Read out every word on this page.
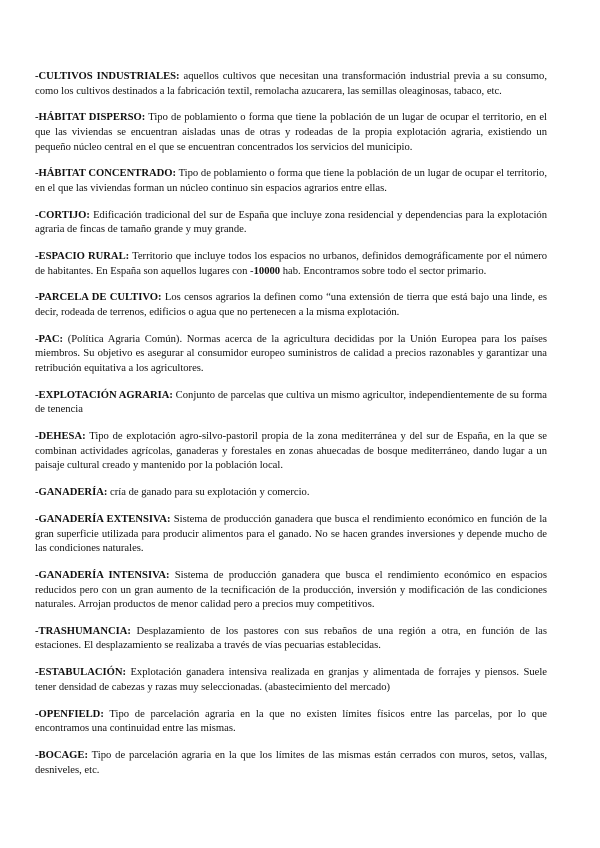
-CULTIVOS INDUSTRIALES: aquellos cultivos que necesitan una transformación industrial previa a su consumo, como los cultivos destinados a la fabricación textil, remolacha azucarera, las semillas oleaginosas, tabaco, etc.

-HÁBITAT DISPERSO: Tipo de poblamiento o forma que tiene la población de un lugar de ocupar el territorio, en el que las viviendas se encuentran aisladas unas de otras y rodeadas de la propia explotación agraria, existiendo un pequeño núcleo central en el que se encuentran concentrados los servicios del municipio.

-HÁBITAT CONCENTRADO: Tipo de poblamiento o forma que tiene la población de un lugar de ocupar el territorio, en el que las viviendas forman un núcleo continuo sin espacios agrarios entre ellas.

-CORTIJO: Edificación tradicional del sur de España que incluye zona residencial y dependencias para la explotación agraria de fincas de tamaño grande y muy grande.

-ESPACIO RURAL: Territorio que incluye todos los espacios no urbanos, definidos demográficamente por el número de habitantes. En España son aquellos lugares con -10000 hab. Encontramos sobre todo el sector primario.

-PARCELA DE CULTIVO: Los censos agrarios la definen como “una extensión de tierra que está bajo una linde, es decir, rodeada de terrenos, edificios o agua que no pertenecen a la misma explotación.

-PAC: (Política Agraria Común). Normas acerca de la agricultura decididas por la Unión Europea para los países miembros. Su objetivo es asegurar al consumidor europeo suministros de calidad a precios razonables y garantizar una retribución equitativa a los agricultores.

-EXPLOTACIÓN AGRARIA: Conjunto de parcelas que cultiva un mismo agricultor, independientemente de su forma de tenencia

-DEHESA: Tipo de explotación agro-silvo-pastoril propia de la zona mediterránea y del sur de España, en la que se combinan actividades agrícolas, ganaderas y forestales en zonas ahuecadas de bosque mediterráneo, dando lugar a un paisaje cultural creado y mantenido por la población local.

-GANADERÍA: cría de ganado para su explotación y comercio.

-GANADERÍA EXTENSIVA: Sistema de producción ganadera que busca el rendimiento económico en función de la gran superficie utilizada para producir alimentos para el ganado. No se hacen grandes inversiones y depende mucho de las condiciones naturales.

-GANADERÍA INTENSIVA: Sistema de producción ganadera que busca el rendimiento económico en espacios reducidos pero con un gran aumento de la tecnificación de la producción, inversión y modificación de las condiciones naturales. Arrojan productos de menor calidad pero a precios muy competitivos.

-TRASHUMANCIA: Desplazamiento de los pastores con sus rebaños de una región a otra, en función de las estaciones. El desplazamiento se realizaba a través de vías pecuarias establecidas.

-ESTABULACIÓN: Explotación ganadera intensiva realizada en granjas y alimentada de forrajes y piensos. Suele tener densidad de cabezas y razas muy seleccionadas. (abastecimiento del mercado)

-OPENFIELD: Tipo de parcelación agraria en la que no existen límites físicos entre las parcelas, por lo que encontramos una continuidad entre las mismas.

-BOCAGE: Tipo de parcelación agraria en la que los límites de las mismas están cerrados con muros, setos, vallas, desniveles, etc.
